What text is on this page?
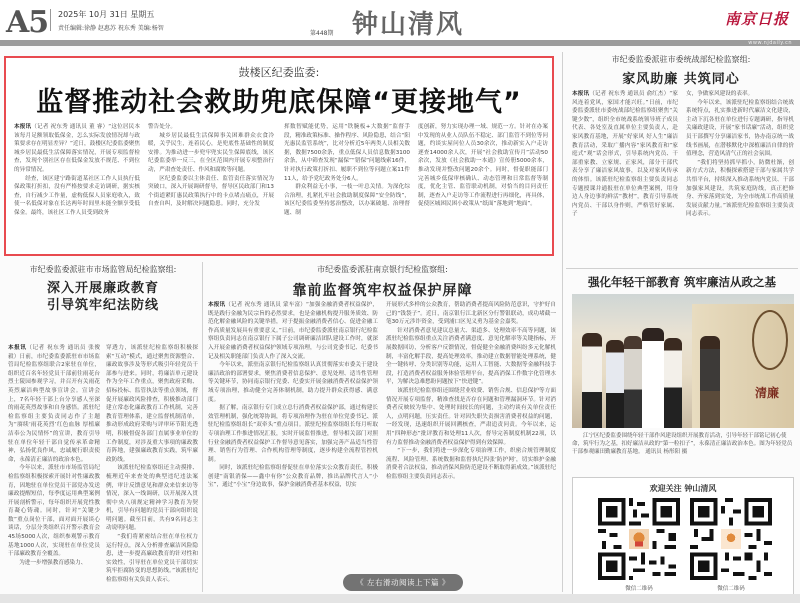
A5 2025年 10月 31日 星期五
责任编辑:徐静 赵惠苏 祝东秀 美编:杨智
第448期 钟山清风	南京日报
www.njdaily.cn
鼓楼区纪委监委:
监督推动社会救助兜底保障“更接地气”

本报讯（记者 祝东秀 通讯员 董 睿）“这位居民本该每月足额领取低保金，怎么实际发放情况却与政策要求存在明显差异？”近日，鼓楼区纪委监委聚焦城乡居民最低生活保障落实情况，开展专项监督检查，发现个别社区存在低保金发放不规范、不到位的异常情况。

经查，该区建宁路街道某社区工作人员执行低保政策打折扣，没有严格按要求走访调研，据实核查，自行减少工作量，虚构低保人员家庭收入，致使一名低保对象在长达两年时间里未能全额享受低保金。最终，该社区工作人员受到政务

警告处分。

城乡居民最低生活保障事关困难群众衣食冷暖，关乎民生，连着民心，是兜底性基础性的制度安排。为推动进一步兜牢兜实民生保障底线，该区纪委监委举一反三，在全区范围内开展专项整治行动，严肃查处责任、作风和腐败等问题。

区纪委监委以主体责任、监管责任落实情况为突破口，深入开展调研督导，督导区民政部门和13个街道紧盯惠民政策执行中的卡点堵点痛点，开展自查自纠，及时解决问题隐患。同时，充分发

挥数智赋能优势，运用“铁腕板+大数据”监督手段，精准政策标准、操作程序、风险隐患，结合“阳光惠民监管系统”，比对分析近5年两类人员相关数据，数据7500余条，重点低保人员信息数据3100余条，从中筛查发现“漏保”“错保”问题线索16件，针对执行政策打折扣、履职不到位等问题立案11件11人，给予党纪政务处分6人。

群众利益无小事，一枝一叶总关情。为深化综合治理，扎紧扎牢社会救助制度保障“安全防线”，该区纪委监委坚持惩治整改，以办案破题、治理督题、制

度创新，努力实现办理一域、规范一方。针对在办案中发现的从业人员队伍不稳定、部门监管不到位等问题，约谈实屋问位人员30余次，推动新实入户走访逐查14000余人次，开展“社会救助宣传月”活动50余次，发放《社会救助一本通》宣传册5000余本，推动发现并整改问题20余个。同时，督促职能部门完善城乡低保审核确认、动态管理和日常监督等制度，优化主管、监管联动机制，对恰当的目问责任制，逐查入户走访等工作流程进行再细化，再具体，促使区城困民困小政策从“纸面”落地到“地面”。

市纪委监委派驻市委统战部纪检监察组:
家风助廉 共筑同心

本报讯（记者 祝东秀 通讯员 俞红杰）“家风连着党风，家国才能兴旺。”日前，市纪委监委派驻市委统战部纪检监察组聚焦“关键少数”，组织全市统战系统领导班子成员代表、各处室及直属单位主要负责人，赴家风教育基地，开展“好家风 好人生”廉洁教育活动，采取广播内容“家风教育和”家庭式“观”话会形式，引导系统内党员、干部重家教、立家规、正家风，部分干部代表分享了廉洁家风故事，以及对家风传承的体悟。该派驻纪检监察组主要负责同志专题授课并通报驻在单位典型案例，用身边人身边事的鲜活“教材”，教育引导系统内党员、干部以身作则，严格管好家属、子

女，争做家风建设的表率。

今年以来，该派驻纪检监察组结合统战系统特点，扎实推进新时代廉洁文化建设，主动下沉各驻在单位进行专题调研，指导机关廉政建设，开展“家书话廉”活动，组织党员干部撰写分享廉洁家书，协办南京统一战线书画展，在潜移默化中深植廉洁自律的价值理念，营造风清气正的社会氛围。

“我们将坚持抓早抓小，防微杜渐，创新方式方法，积极探索搭建干部与家属共学共悟平台，持续深入推动系统内党员、干部加强家风建设，共筑家庭防线，真正把修身、齐家落到实处，为全市统战工作高质量发展贡献力量。”该派驻纪检监察组主要负责同志表示。

强化年轻干部教育 筑牢廉洁从政之基
清廉
江宁区纪委监委围绕年轻干部作风建设组织开展教育活动，引导年轻干部铭记初心使命，筑牢行为之基，扣好廉洁从政的“第一粒扣子”，永葆清正廉洁政治本色。图为年轻党员干部参观廉田勤廉教育基地。 通讯员 杨彤阳 摄
欢迎关注 钟山清风
微信二维码	微信二维码
市纪委监委派驻市市场监管局纪检监察组:
深入开展廉政教育
引导筑牢纪法防线

本报讯（记者 祝东秀 通讯员 张俊毅）日前，市纪委监委派驻市市场监管局纪检监察组联合2家驻在单位，组织近百名年轻党员干部前往雨花台烈士陵园参观学习，并召开有关雨花英烈廉洁典型故事宣讲会。宣讲会上，7名年轻干部上台分享感人至深的雨花英烈故事和自身感悟。派驻纪检监察组主要负责同志作了主题为“赓续‘雨花英烈’红色血脉 厚植廉洁奉公为民情怀”的宣讲，教育引导驻在单位年轻干部自觉传承革命精神，弘扬优良作风，忠诚履行职责使命，永葆清正廉洁的政治本色。

今年以来，派驻市市场监管局纪检监察组积极探索开展针对性廉政教育，因地驻在单位党员干部党办发送廉政提醒短信，每季度运用典型案例开展剖析警示，每年组织开展党性教育凝心铸魂。同时，针对“关键少数”重点岗位干部，面对面开展谈心谈话，分层分类组织召开警示教育会45场5000人次，组织参观警示教育基地1000人次，实现驻在单位党员干部廉政教育全覆盖。

为进一步增强教育感染力、

穿透力，该派驻纪检监察组积极探索“互动”模式，通过聚焦资源整合、廉政故事涉及等形式吸引年轻党员干部参与进来。同时，将廉洁单元建设作为全年工作重点，聚焦政府采购、招标投标、监管执法等重点领域，督促开展廉政风险排查，积极推动部门建立常态化廉政教育工作机制，完善教育管理体系，建立监督机制清单，推动形成政府采购与评审环节阳光透明，积极督促各部门直属事业单位的工作制度，对涉及重大事项的廉政教育阵地，建强廉政教育实践，筑牢廉政防线。

该派驻纪检监察组还主动摸排、梳理近年来查处的典型违纪违法案例，审计反馈意见和群众来信来访等情况，深入一线调研，以开展深入贯彻中央八项规定精神学习教育为契机，引导有问题的党员干部向组织说明问题。截至目前，共有9名同志主动说明问题。

“我们将紧密结合驻在单位权力运行特点，深入分析排查廉洁风险隐患，进一步提高廉政教育的针对性和实效性，引导驻在单位党员干部切实筑牢拒腐防变的思想防线。”该派驻纪检监察组有关负责人表示。

市纪委监委派驻南京银行纪检监察组:
靠前监督筑牢权益保护屏障

本报讯（记者 祝东秀 通讯员 蒙车富）“加强金融消费者权益保护，既是践行金融为民宗旨的必然要求，也是金融机构提升服务质效、防范化解金融风险的关键举措，对于提振金融消费者信心、促进金融工作高质量发展具有重要意义。”日前，市纪委监委派驻南京银行纪检监察组负责同志在南京银行下属子公司调研廉洁团队建设工作时，就深入开展金融消费者权益保护领域专项治理，与公司党委书记、纪委书记及相关职能部门负责人作了深入交流。

今年以来，派驻南京银行纪检监察组认真贯彻落实市委关于建设廉洁政治的部署要求，聚焦消费者信息保护、意见处理、适当性管理等关键环节，协同南京银行党委、纪委实开展金融消费者权益保护领域专项治理，推动健全完善体制机制，助力提升群众获得感、满意度。

据了解，南京银行专门成立总行消费者权益保护部，通过构建长效管理机制，强化统筹协调，将专项治理作为驻在单位党委书记、派驻纪检监察组组长“双牵头”重点项目。派驻纪检监察组组长每月听取专项治理工作推进情况汇报，实时开展监督推进，督导相关部门对照行业金融消费者权益保护工作督导意见落实，加强完善产品适当性管理、销售行为管理、合作机构管理等制度，逐步构建全流程管控机制。

同时，该派驻纪检监察组督促驻在单位落实公众教育责任，积极创建“南银消保——鑫中有你”公众教育品牌，推出品牌代言人“小宝”，通过“小宝”身边故事，保护金融消费者基本权益，切实

开展形式多样的公众教育，帮助消费者提高风险防范意识，守护好自己的“钱袋子”。近日，南京银行江北新区分行警银联动，成功堵截一笔30万元涉诈资金，受到浦口区见义勇为基金会嘉奖。

针对消费者意见建议总量大、渠道多、处理效率不高等问题，该派驻纪检监察组重点关注消费者满意度、意见化解率等关键指标，开展数据回访，分析客户反馈情况，督促健全金融消费纠纷多元化解机制，丰富化解手段，提高处理效率，推动建立数据智能处理系统，健全一键转呼、分类识别等功能，运用人工智能、大数据等金融科技手段，打造消费者权益服务体验管理平台，提高消保工作数字化管理水平，为解决急难愁盼问题按下“快进键”。

该派驻纪检监察组还围绕营业收费、销售合规、信息保护等方面情况开展专项监督，精准查找是否存在问题和管理漏洞环节。针对消费者反映较为集中、处理时间较长的问题，主动约谈有关单位责任人，点明问题，压实责任。针对因失职失责损害消费者权益的问题，一经发现，迅速组织开展回溯核查，严肃追责问责。今年以来，运用“四种形态”批评教育和处理11人次，督导完善制度机制22项，以有力监督推动金融消费者权益保护得到有效保障。

“下一步，我们将进一步深化专项治理工作，织密合规管理制度流程、风险管理、系统数据和监督执纪四张‘防护网’，切实维护金融消费者合法权益，推动消保风险防范建设不断取得新成效。”该派驻纪检监察组主要负责同志表示。

《 左右滑动阅读上下篇 》
